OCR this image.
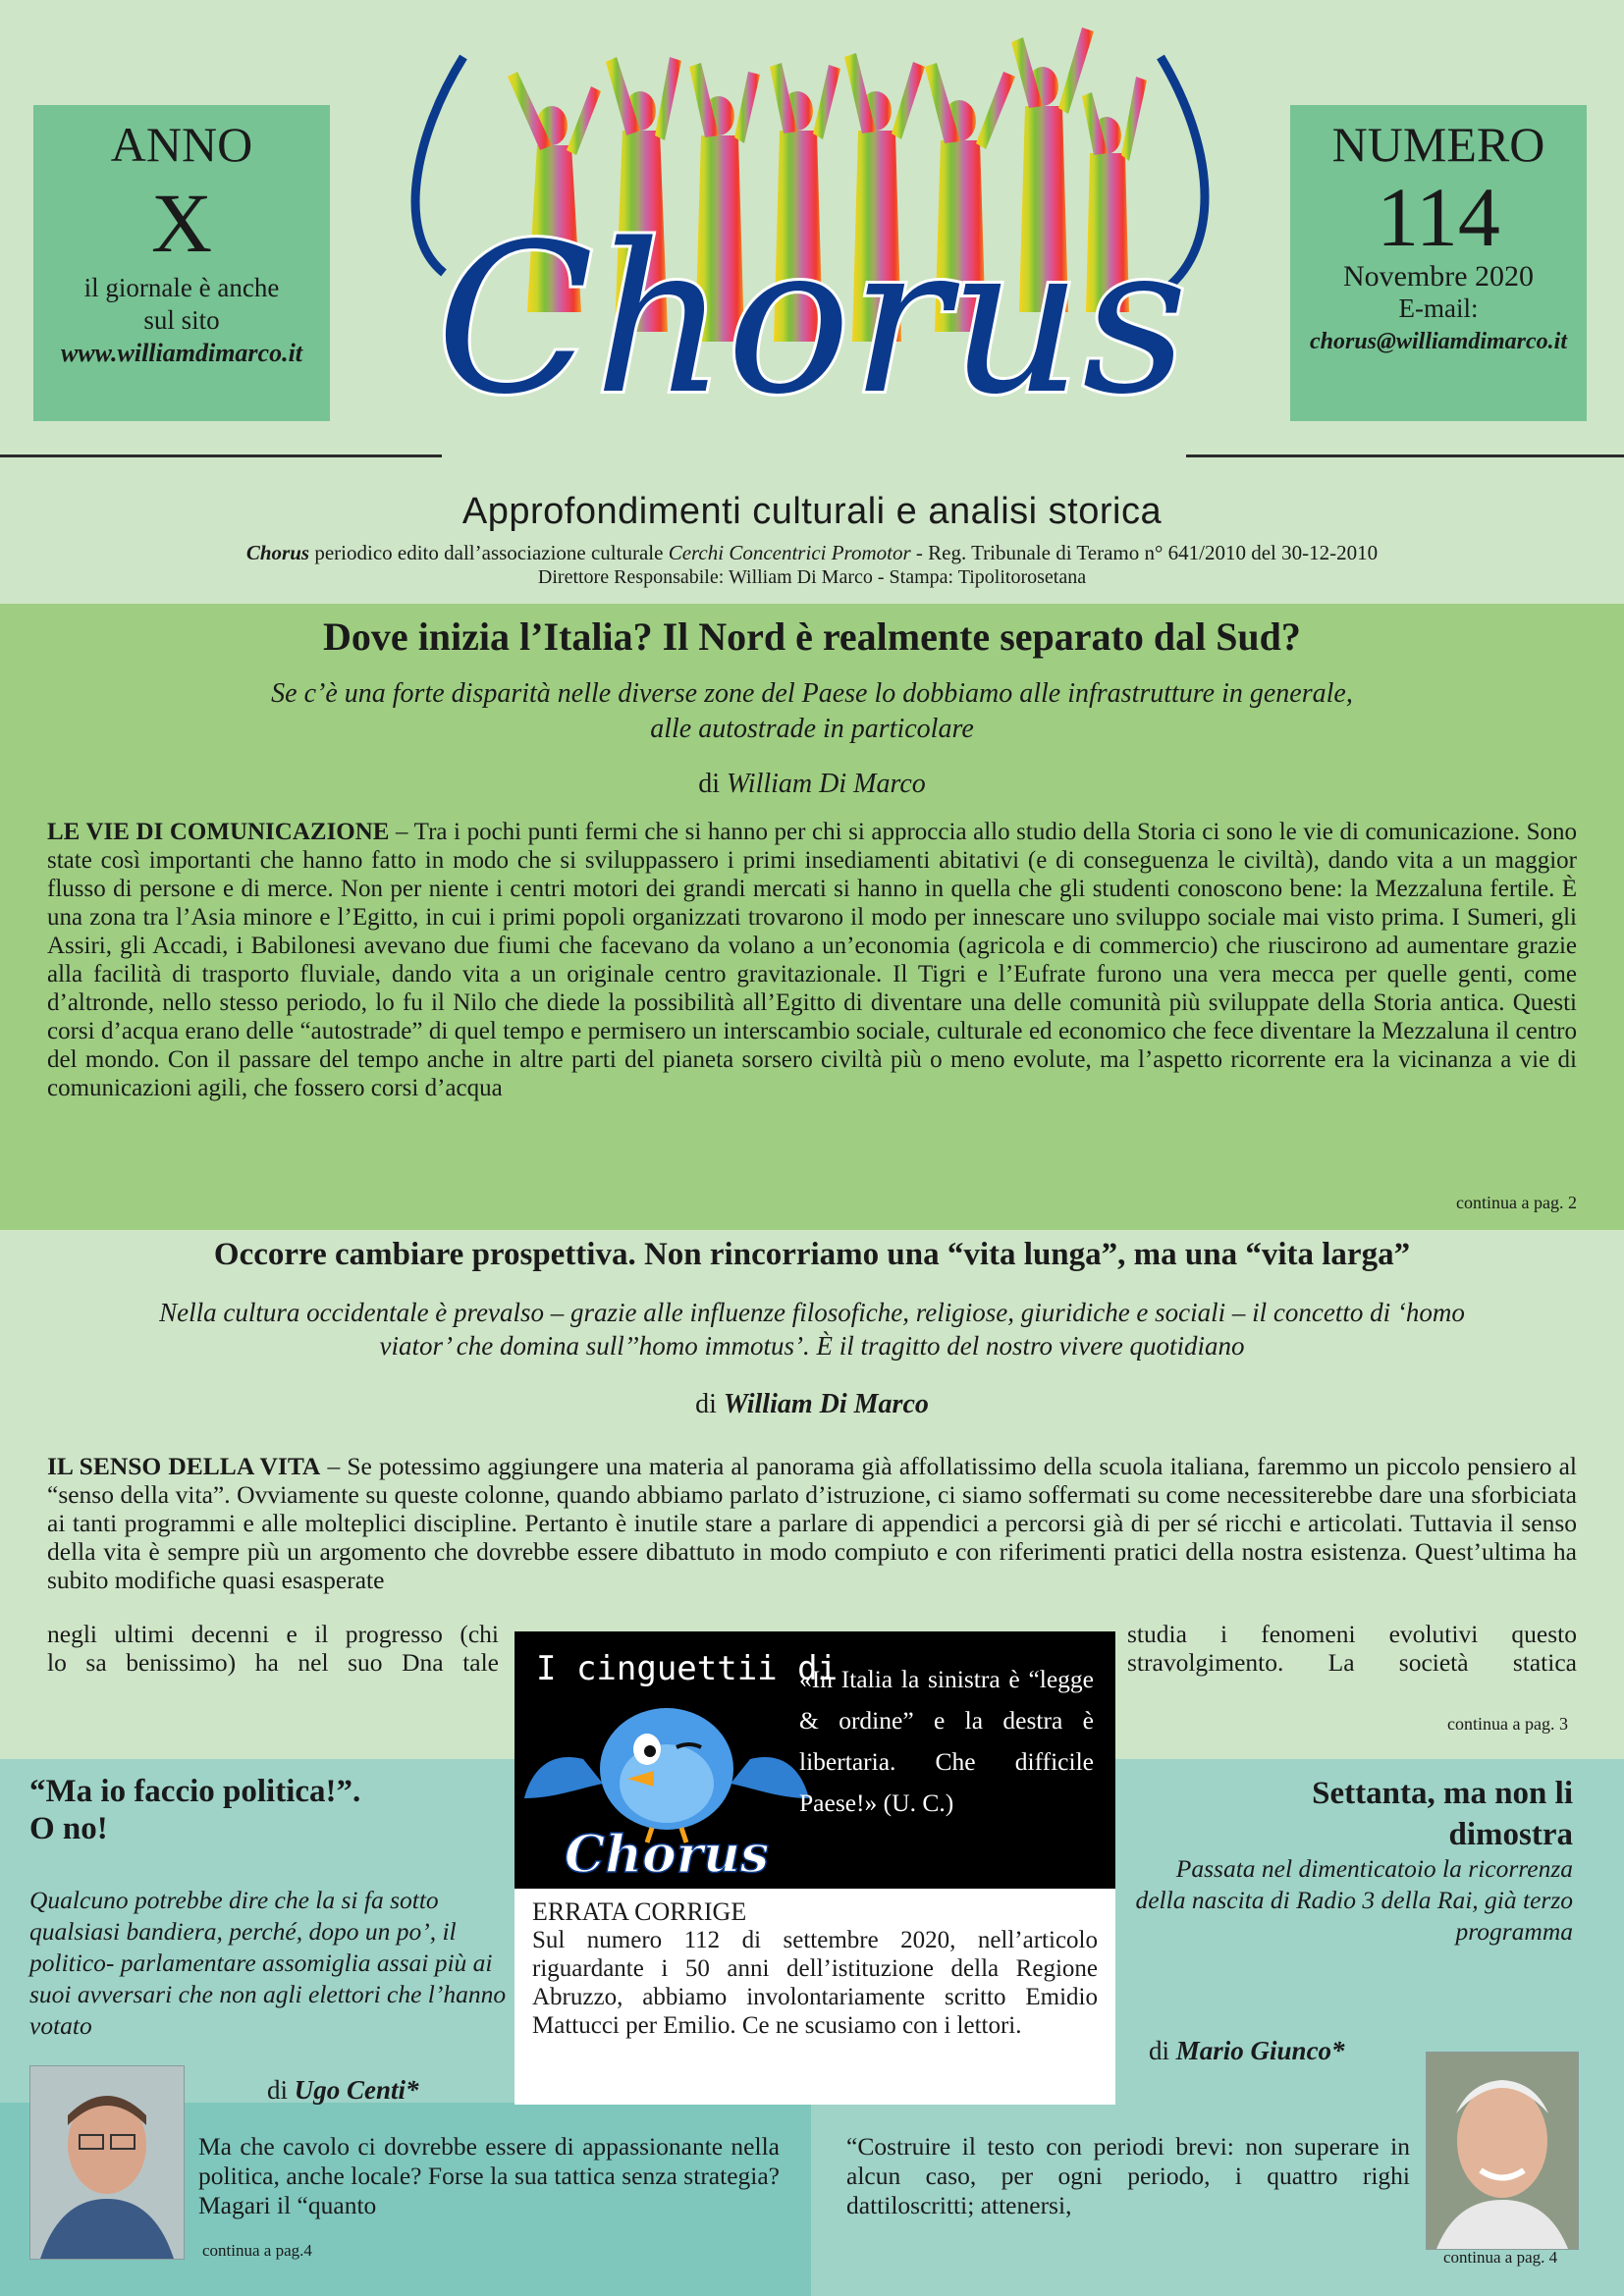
ANNO
X
il giornale è anche
sul sito
www.williamdimarco.it
NUMERO
114
Novembre 2020
E-mail:
chorus@williamdimarco.it
Chorus
Approfondimenti culturali e analisi storica
Chorus periodico edito dall’associazione culturale Cerchi Concentrici Promotor - Reg. Tribunale di Teramo n° 641/2010 del 30-12-2010
Direttore Responsabile: William Di Marco - Stampa: Tipolitorosetana
Dove inizia l’Italia? Il Nord è realmente separato dal Sud?
Se c’è una forte disparità nelle diverse zone del Paese lo dobbiamo alle infrastrutture in generale,
alle autostrade in particolare
di William Di Marco
LE VIE DI COMUNICAZIONE – Tra i pochi punti fermi che si hanno per chi si approccia allo studio della Storia ci sono le vie di comunicazione. Sono state così importanti che hanno fatto in modo che si sviluppassero i primi insediamenti abitativi (e di conseguenza le civiltà), dando vita a un maggior flusso di persone e di merce. Non per niente i centri motori dei grandi mercati si hanno in quella che gli studenti conoscono bene: la Mezzaluna fertile. È una zona tra l’Asia minore e l’Egitto, in cui i primi popoli organizzati trovarono il modo per innescare uno sviluppo sociale mai visto prima. I Sumeri, gli Assiri, gli Accadi, i Babilonesi avevano due fiumi che facevano da volano a un’economia (agricola e di commercio) che riuscirono ad aumentare grazie alla facilità di trasporto fluviale, dando vita a un originale centro gravitazionale. Il Tigri e l’Eufrate furono una vera mecca per quelle genti, come d’altronde, nello stesso periodo, lo fu il Nilo che diede la possibilità all’Egitto di diventare una delle comunità più sviluppate della Storia antica. Questi corsi d’acqua erano delle “autostrade” di quel tempo e permisero un interscambio sociale, culturale ed economico che fece diventare la Mezzaluna il centro del mondo. Con il passare del tempo anche in altre parti del pianeta sorsero civiltà più o meno evolute, ma l’aspetto ricorrente era la vicinanza a vie di comunicazioni agili, che fossero corsi d’acqua
continua a pag. 2
Occorre cambiare prospettiva. Non rincorriamo una “vita lunga”, ma una “vita larga”
Nella cultura occidentale è prevalso – grazie alle influenze filosofiche, religiose, giuridiche e sociali – il concetto di ‘homo
viator’ che domina sull’’homo immotus’. È il tragitto del nostro vivere quotidiano
di William Di Marco
IL SENSO DELLA VITA – Se potessimo aggiungere una materia al panorama già affollatissimo della scuola italiana, faremmo un piccolo pensiero al “senso della vita”. Ovviamente su queste colonne, quando abbiamo parlato d’istruzione, ci siamo soffermati su come necessiterebbe dare una sforbiciata ai tanti programmi e alle molteplici discipline. Pertanto è inutile stare a parlare di appendici a percorsi già di per sé ricchi e articolati. Tuttavia il senso della vita è sempre più un argomento che dovrebbe essere dibattuto in modo compiuto e con riferimenti pratici della nostra esistenza. Quest’ultima ha subito modifiche quasi esasperate
negli ultimi decenni e il progresso (chi
lo sa benissimo) ha nel suo Dna tale
studia i fenomeni evolutivi questo
stravolgimento. La società statica
continua a pag. 3
I cinguettii di
Chorus
«In Italia la sinistra è “legge & ordine” e la destra è libertaria. Che difficile Paese!» (U. C.)
ERRATA CORRIGE
Sul numero 112 di settembre 2020, nell’articolo riguardante i 50 anni dell’istituzione della Regione Abruzzo, abbiamo involontariamente scritto Emidio Mattucci per Emilio. Ce ne scusiamo con i lettori.
“Ma io faccio politica!”.
O no!
Qualcuno potrebbe dire che la si fa sotto qualsiasi bandiera, perché, dopo un po’, il politico- parlamentare assomiglia assai più ai suoi avversari che non agli elettori che l’hanno votato
di Ugo Centi*
Ma che cavolo ci dovrebbe essere di appassionante nella politica, anche locale? Forse la sua tattica senza strategia? Magari il “quanto
continua a pag.4
Settanta, ma non li
dimostra
Passata nel dimenticatoio la ricorrenza della nascita di Radio 3 della Rai, già terzo programma
di Mario Giunco*
“Costruire il testo con periodi brevi: non superare in alcun caso, per ogni periodo, i quattro righi dattiloscritti; attenersi,
continua a pag. 4
